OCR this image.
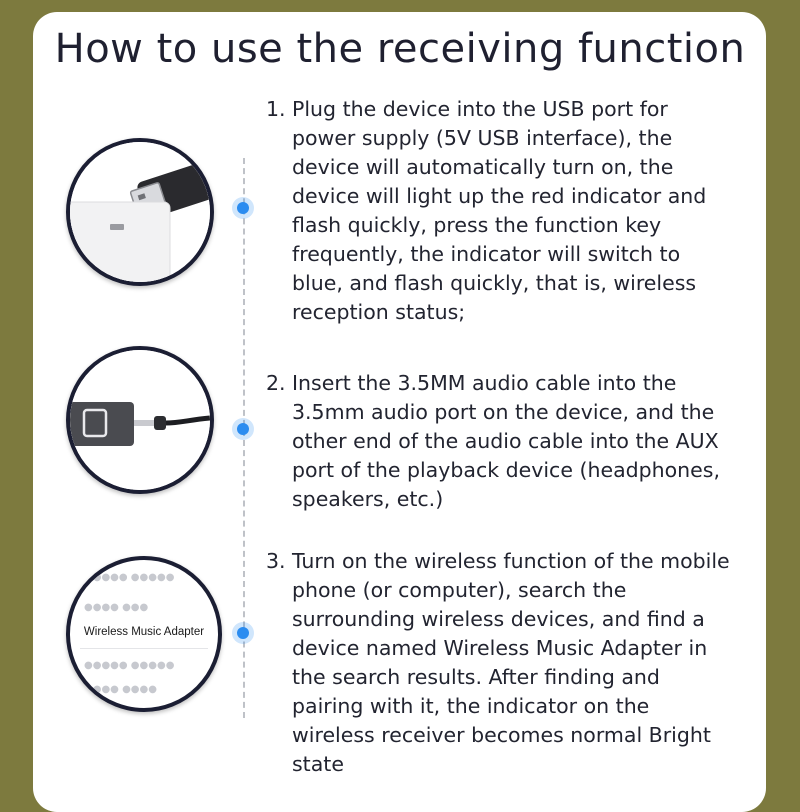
How to use the receiving function
●●●●● ●●●●●
●●●● ●●●
Wireless Music Adapter
●●●●● ●●●●●
●●●● ●●●●
1. Plug the device into the USB port for power supply (5V USB interface), the device will automatically turn on, the device will light up the red indicator and flash quickly, press the function key frequently, the indicator will switch to blue, and flash quickly, that is, wireless reception status;
2. Insert the 3.5MM audio cable into the 3.5mm audio port on the device, and the other end of the audio cable into the AUX port of the playback device (headphones, speakers, etc.)
3. Turn on the wireless function of the mobile phone (or computer), search the surrounding wireless devices, and find a device named Wireless Music Adapter in the search results. After finding and pairing with it, the indicator on the wireless receiver becomes normal Bright state
